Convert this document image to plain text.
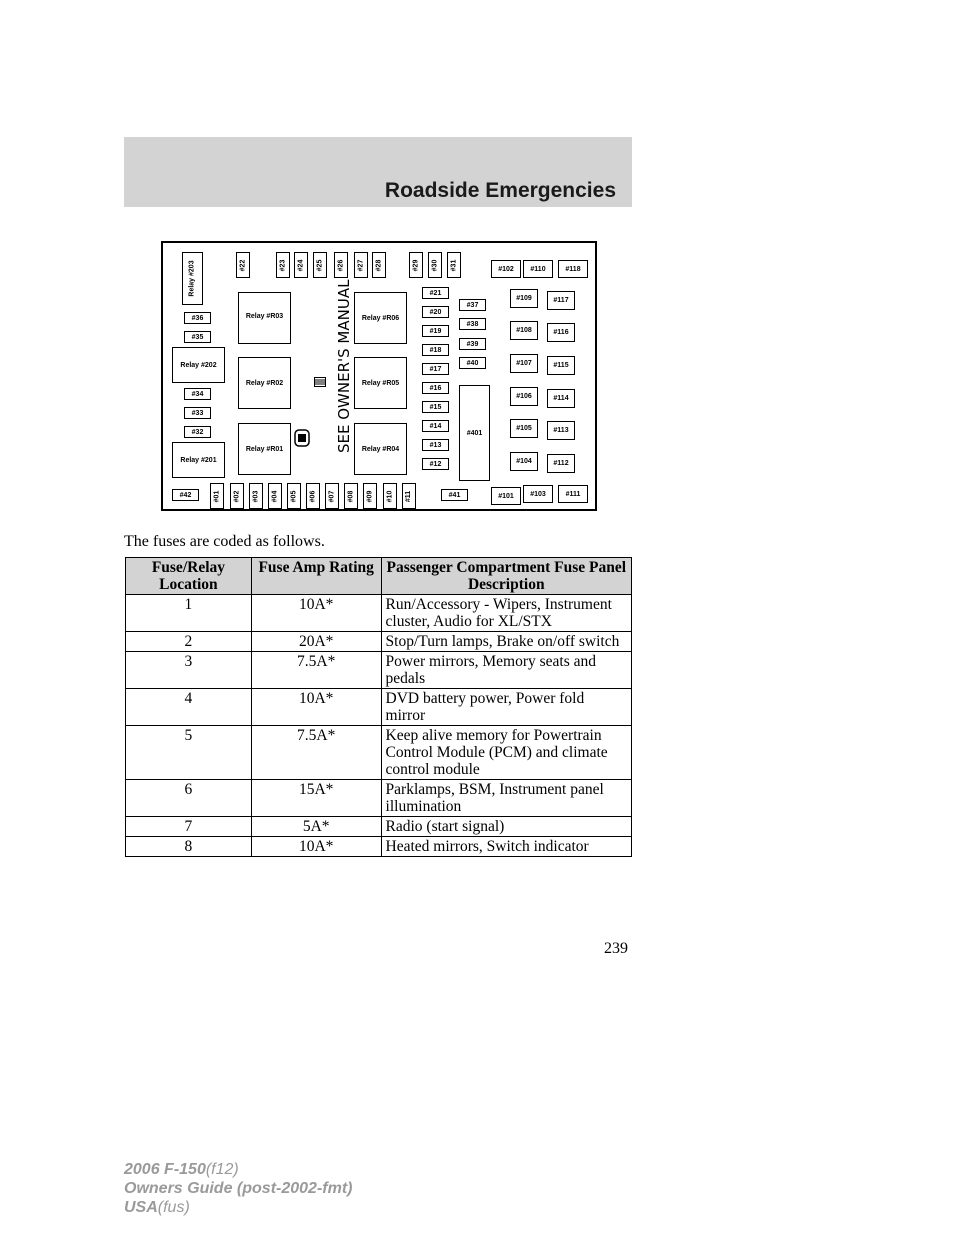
Roadside Emergencies
Relay #203
#36
#35
Relay #202
#34
#33
#32
Relay #201
#42
#22	#23 #24 #25 #26 #27 #28	#29 #30 #31
Relay #R03
Relay #R02
Relay #R01	SEE OWNER'S MANUAL	Relay #R06
Relay #R05
Relay #R04
#21
#20
#19
#18
#17
#16
#15
#14
#13
#12
#37
#38
#39
#40
#401
#102	#110	#118
#109	#117
#108	#116
#107	#115
#106	#114
#105	#113
#104	#112
#01 #02 #03 #04 #05 #06 #07 #08 #09 #10 #11	#41	#101	#103	#111
The fuses are coded as follows.
Fuse/Relay Location	Fuse Amp Rating	Passenger Compartment Fuse Panel Description
1	10A*	Run/Accessory - Wipers, Instrument cluster, Audio for XL/STX
2	20A*	Stop/Turn lamps, Brake on/off switch
3	7.5A*	Power mirrors, Memory seats and pedals
4	10A*	DVD battery power, Power fold mirror
5	7.5A*	Keep alive memory for Powertrain Control Module (PCM) and climate control module
6	15A*	Parklamps, BSM, Instrument panel illumination
7	5A*	Radio (start signal)
8	10A*	Heated mirrors, Switch indicator
239
2006 F-150(f12)
Owners Guide (post-2002-fmt)
USA(fus)
